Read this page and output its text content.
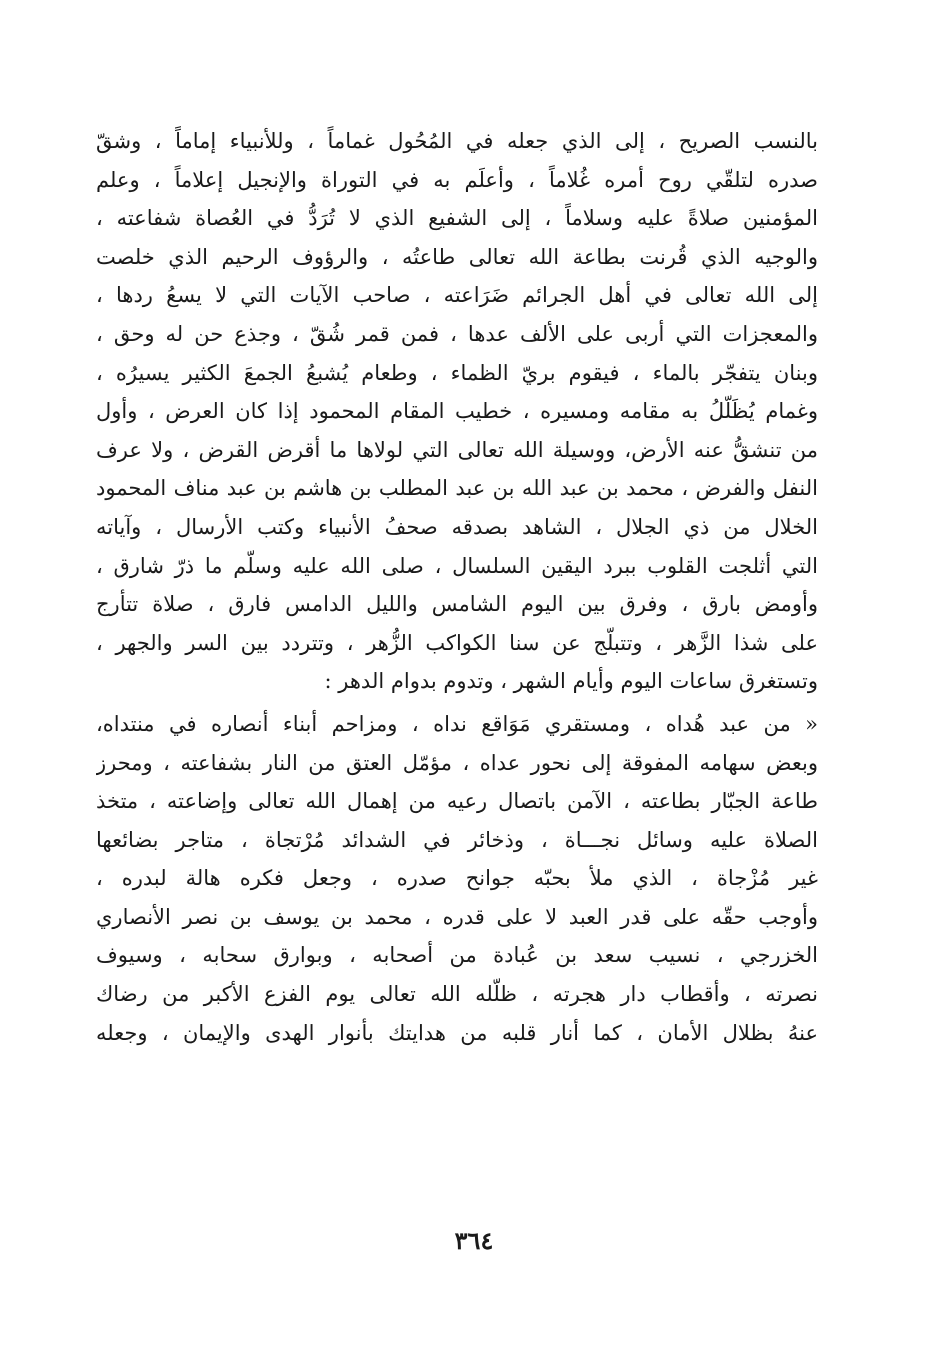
بالنسب الصريح ، إلى الذي جعله في المُحُول غماماً ، وللأنبياء إماماً ، وشقّ
صدره لتلقّي روح أمره غُلاماً ، وأعلَم به في التوراة والإنجيل إعلاماً ، وعلم
المؤمنين صلاةً عليه وسلاماً ، إلى الشفيع الذي لا تُرَدُّ في العُصاة شفاعته ،
والوجيه الذي قُرنت بطاعة الله تعالى طاعتُه ، والرؤوف الرحيم الذي خلصت
إلى الله تعالى في أهل الجرائم ضَرَاعته ، صاحب الآيات التي لا يسعُ ردها ،
والمعجزات التي أربى على الألف عدها ، فمن قمر شُقّ ، وجذع حن له وحق ،
وبنان يتفجّر بالماء ، فيقوم بريّ الظماء ، وطعام يُشبعُ الجمعَ الكثير يسيرُه ،
وغمام يُظَلّلُ به مقامه ومسيره ، خطيب المقام المحمود إذا كان العرض ، وأول
من تنشقُّ عنه الأرض، ووسيلة الله تعالى التي لولاها ما أقرض القرض ، ولا عرف
النفل والفرض ، محمد بن عبد الله بن عبد المطلب بن هاشم بن عبد مناف المحمود
الخلال من ذي الجلال ، الشاهد بصدقه صحفُ الأنبياء وكتب الأرسال ، وآياته
التي أثلجت القلوب ببرد اليقين السلسال ، صلى الله عليه وسلّم ما ذرّ شارق ،
وأومض بارق ، وفرق بين اليوم الشامس والليل الدامس فارق ، صلاة تتأرج
على شذا الزَّهر ، وتتبلّج عن سنا الكواكب الزُّهر ، وتتردد بين السر والجهر ،
وتستغرق ساعات اليوم وأيام الشهر ، وتدوم بدوام الدهر :
« من عبد هُداه ، ومستقري مَوَاقع نداه ، ومزاحم أبناء أنصاره في منتداه،
وبعض سهامه المفوقة إلى نحور عداه ، مؤمّل العتق من النار بشفاعته ، ومحرز
طاعة الجبّار بطاعته ، الآمن باتصال رعيه من إهمال الله تعالى وإضاعته ، متخذ
الصلاة عليه وسائل نجـــاة ، وذخائر في الشدائد مُرْتجاة ، متاجر بضائعها
غير مُزْجاة ، الذي ملأ بحبّه جوانح صدره ، وجعل فكره هالة لبدره ،
وأوجب حقّه على قدر العبد لا على قدره ، محمد بن يوسف بن نصر الأنصاري
الخزرجي ، نسيب سعد بن عُبادة من أصحابه ، وبوارق سحابه ، وسيوف
نصرته ، وأقطاب دار هجرته ، ظلّله الله تعالى يوم الفزع الأكبر من رضاك
عنهُ بظلال الأمان ، كما أنار قلبه من هدايتك بأنوار الهدى والإيمان ، وجعله
٣٦٤
